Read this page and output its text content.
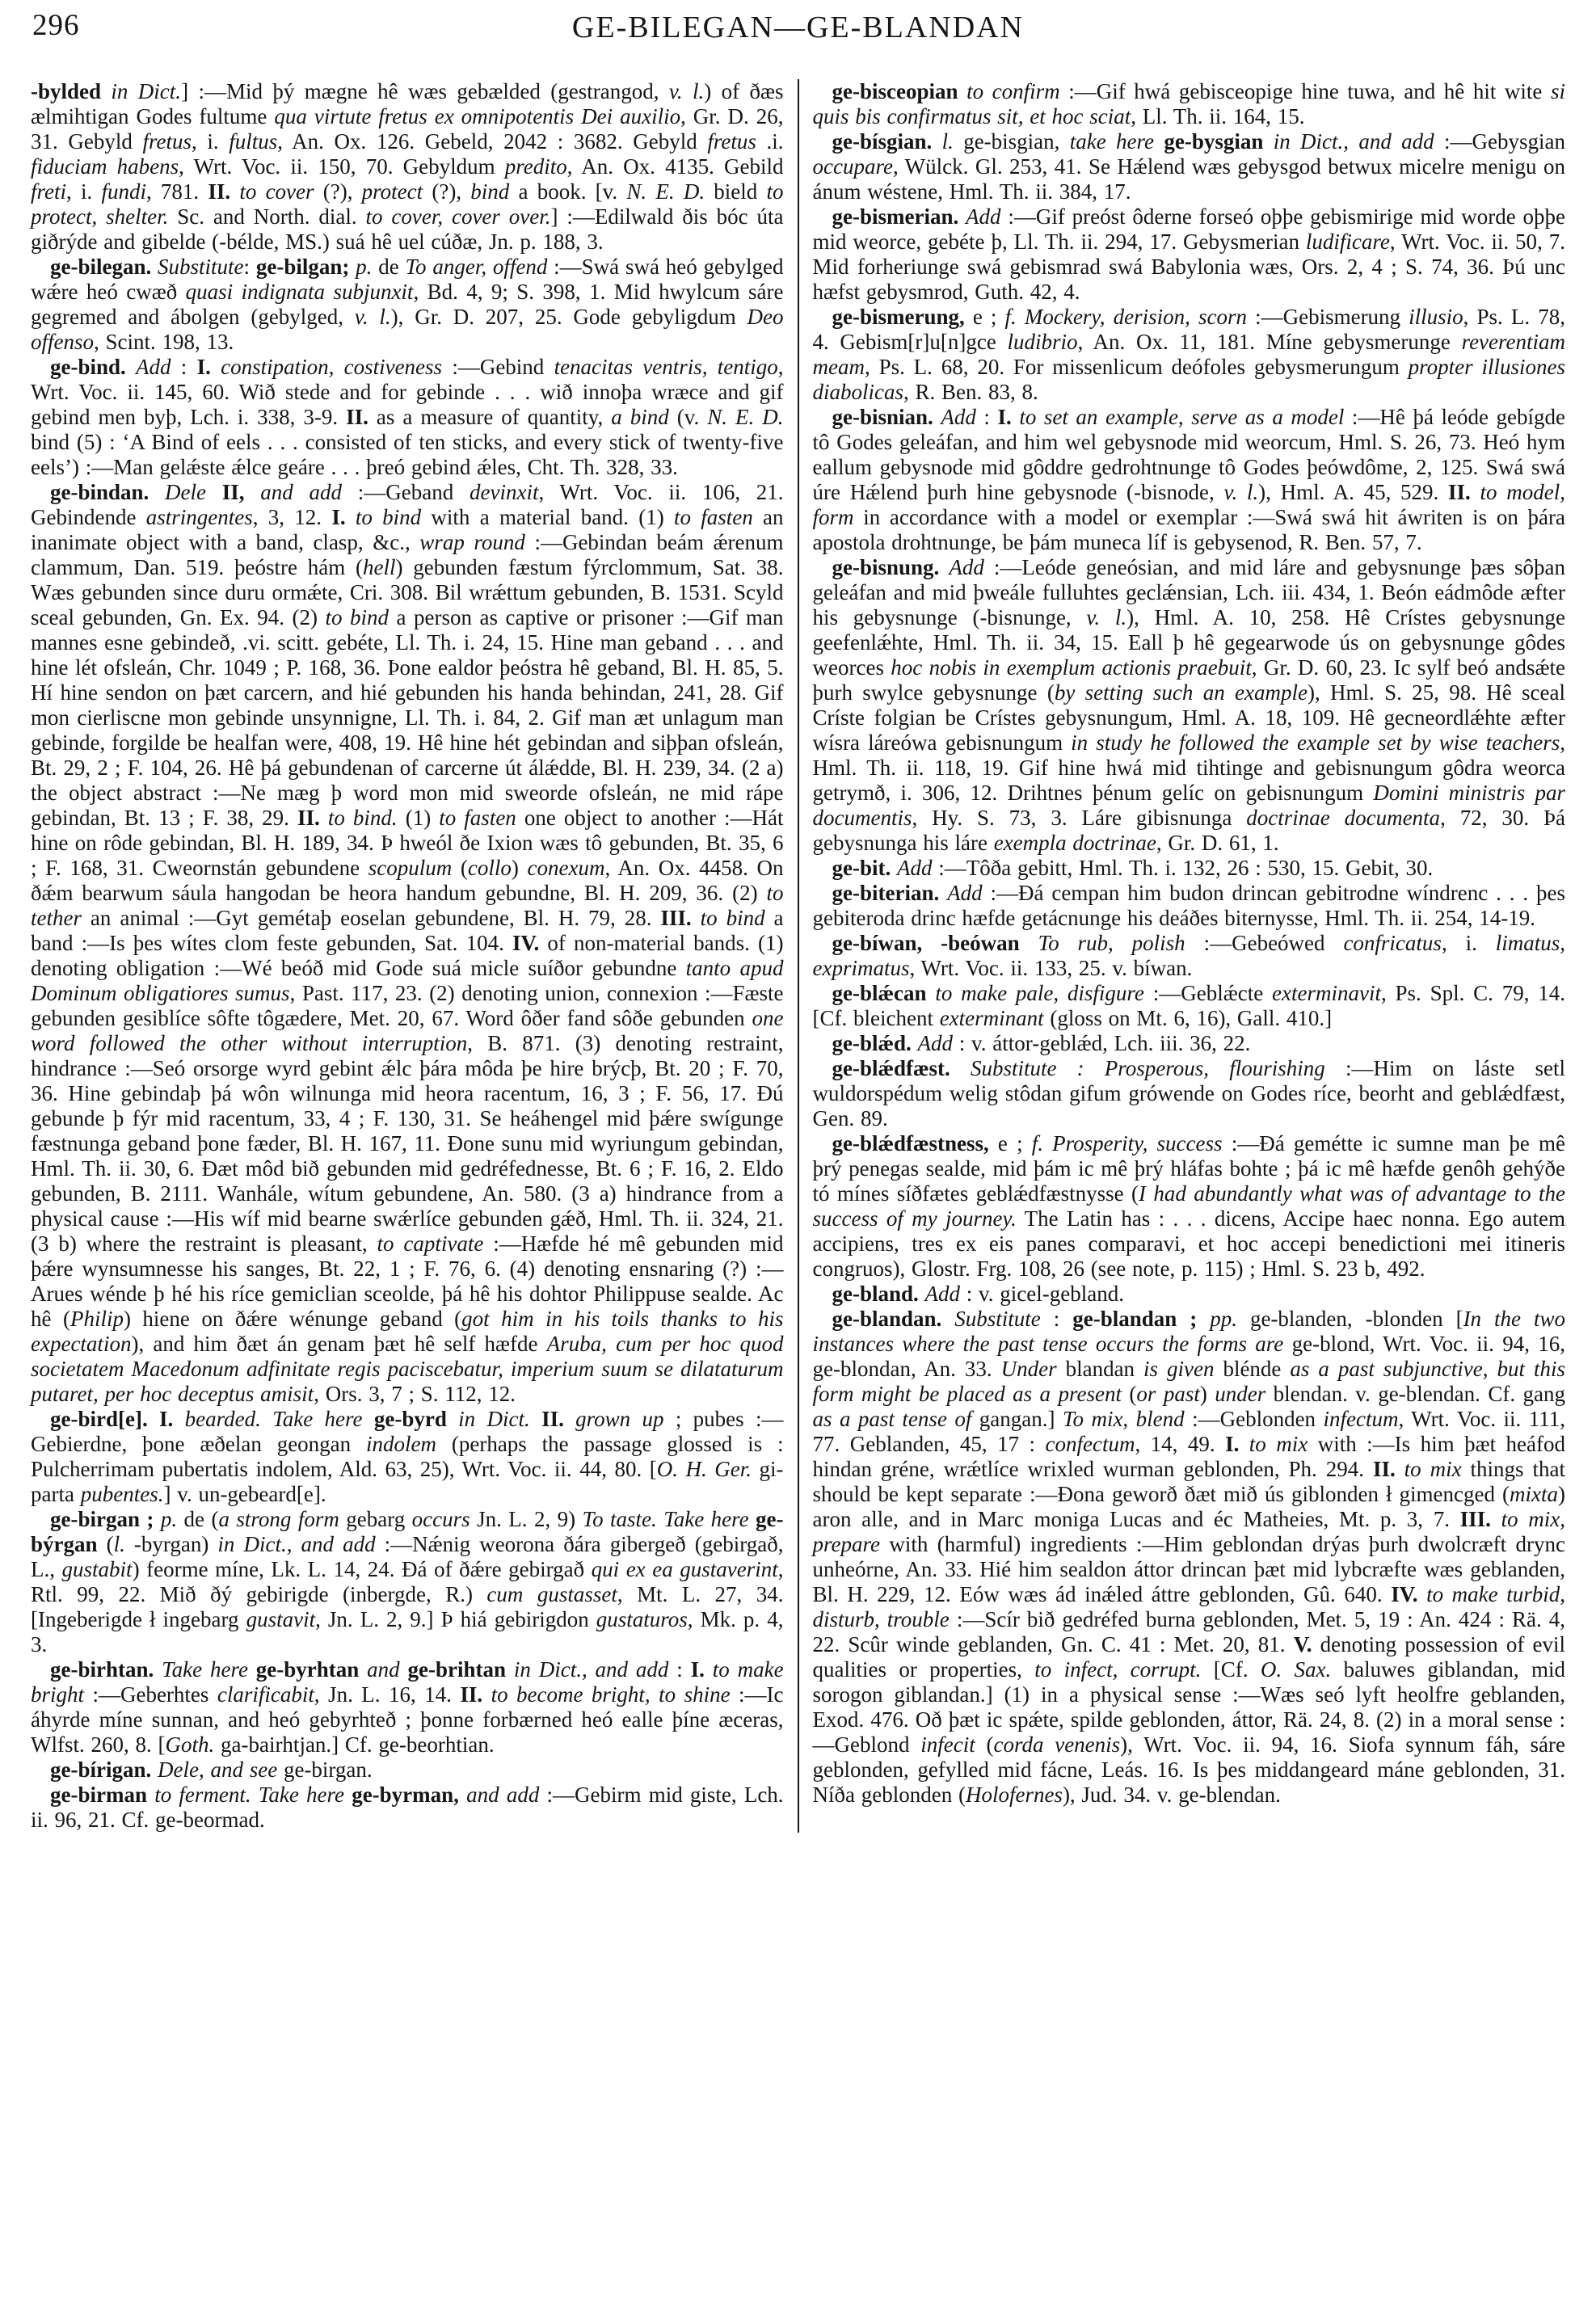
296	GE-BILEGAN—GE-BLANDAN

-bylded in Dict.] :—Mid þý mægne hê wæs gebælded (gestrangod, v. l.) of ðæs ælmihtigan Godes fultume qua virtute fretus ex omnipotentis Dei auxilio, Gr. D. 26, 31. Gebyld fretus, i. fultus, An. Ox. 126. Gebeld, 2042 : 3682. Gebyld fretus .i. fiduciam habens, Wrt. Voc. ii. 150, 70. Gebyldum predito, An. Ox. 4135. Gebild freti, i. fundi, 781. II. to cover (?), protect (?), bind a book. [v. N. E. D. bield to protect, shelter. Sc. and North. dial. to cover, cover over.] :—Edilwald ðis bóc úta giðrýde and gibelde (-bélde, MS.) suá hê uel cúðæ, Jn. p. 188, 3.

ge-bilegan. Substitute: ge-bilgan; p. de To anger, offend :—Swá swá heó gebylged wǽre heó cwæð quasi indignata subjunxit, Bd. 4, 9; S. 398, 1. Mid hwylcum sáre gegremed and ábolgen (gebylged, v. l.), Gr. D. 207, 25. Gode gebyligdum Deo offenso, Scint. 198, 13.

ge-bind. Add : I. constipation, costiveness :—Gebind tenacitas ventris, tentigo, Wrt. Voc. ii. 145, 60. Wið stede and for gebinde . . . wið innoþa wræce and gif gebind men byþ, Lch. i. 338, 3-9. II. as a measure of quantity, a bind (v. N. E. D. bind (5) : ‘A Bind of eels . . . consisted of ten sticks, and every stick of twenty-five eels’) :—Man gelǽste ǽlce geáre . . . þreó gebind ǽles, Cht. Th. 328, 33.

ge-bindan. Dele II, and add :—Geband devinxit, Wrt. Voc. ii. 106, 21. Gebindende astringentes, 3, 12. I. to bind with a material band. (1) to fasten an inanimate object with a band, clasp, &c., wrap round :—Gebindan beám ǽrenum clammum, Dan. 519. þeóstre hám (hell) gebunden fæstum fýrclommum, Sat. 38. Wæs gebunden since duru ormǽte, Cri. 308. Bil wrǽttum gebunden, B. 1531. Scyld sceal gebunden, Gn. Ex. 94. (2) to bind a person as captive or prisoner :—Gif man mannes esne gebindeð, .vi. scitt. gebéte, Ll. Th. i. 24, 15. Hine man geband . . . and hine lét ofsleán, Chr. 1049 ; P. 168, 36. Þone ealdor þeóstra hê geband, Bl. H. 85, 5. Hí hine sendon on þæt carcern, and hié gebunden his handa behindan, 241, 28. Gif mon cierliscne mon gebinde unsynnigne, Ll. Th. i. 84, 2. Gif man æt unlagum man gebinde, forgilde be healfan were, 408, 19. Hê hine hét gebindan and siþþan ofsleán, Bt. 29, 2 ; F. 104, 26. Hê þá gebundenan of carcerne út álǽdde, Bl. H. 239, 34. (2 a) the object abstract :—Ne mæg þ word mon mid sweorde ofsleán, ne mid rápe gebindan, Bt. 13 ; F. 38, 29. II. to bind. (1) to fasten one object to another :—Hát hine on rôde gebindan, Bl. H. 189, 34. Þ hweól ðe Ixion wæs tô gebunden, Bt. 35, 6 ; F. 168, 31. Cweornstán gebundene scopulum (collo) conexum, An. Ox. 4458. On ðǽm bearwum sáula hangodan be heora handum gebundne, Bl. H. 209, 36. (2) to tether an animal :—Gyt gemétaþ eoselan gebundene, Bl. H. 79, 28. III. to bind a band :—Is þes wítes clom feste gebunden, Sat. 104. IV. of non-material bands. (1) denoting obligation :—Wé beóð mid Gode suá micle suíðor gebundne tanto apud Dominum obligatiores sumus, Past. 117, 23. (2) denoting union, connexion :—Fæste gebunden gesiblíce sôfte tôgædere, Met. 20, 67. Word ôðer fand sôðe gebunden one word followed the other without interruption, B. 871. (3) denoting restraint, hindrance :—Seó orsorge wyrd gebint ǽlc þára môda þe hire brýcþ, Bt. 20 ; F. 70, 36. Hine gebindaþ þá wôn wilnunga mid heora racentum, 16, 3 ; F. 56, 17. Ðú gebunde þ fýr mid racentum, 33, 4 ; F. 130, 31. Se heáhengel mid þǽre swígunge fæstnunga geband þone fæder, Bl. H. 167, 11. Ðone sunu mid wyriungum gebindan, Hml. Th. ii. 30, 6. Ðæt môd bið gebunden mid gedréfednesse, Bt. 6 ; F. 16, 2. Eldo gebunden, B. 2111. Wanhále, wítum gebundene, An. 580. (3 a) hindrance from a physical cause :—His wíf mid bearne swǽrlíce gebunden gǽð, Hml. Th. ii. 324, 21. (3 b) where the restraint is pleasant, to captivate :—Hæfde hé mê gebunden mid þǽre wynsumnesse his sanges, Bt. 22, 1 ; F. 76, 6. (4) denoting ensnaring (?) :—Arues wénde þ hé his ríce gemiclian sceolde, þá hê his dohtor Philippuse sealde. Ac hê (Philip) hiene on ðǽre wénunge geband (got him in his toils thanks to his expectation), and him ðæt án genam þæt hê self hæfde Aruba, cum per hoc quod societatem Macedonum adfinitate regis paciscebatur, imperium suum se dilataturum putaret, per hoc deceptus amisit, Ors. 3, 7 ; S. 112, 12.

ge-bird[e]. I. bearded. Take here ge-byrd in Dict. II. grown up ; pubes :—Gebierdne, þone æðelan geongan indolem (perhaps the passage glossed is : Pulcherrimam pubertatis indolem, Ald. 63, 25), Wrt. Voc. ii. 44, 80. [O. H. Ger. gi-parta pubentes.] v. un-gebeard[e].

ge-birgan ; p. de (a strong form gebarg occurs Jn. L. 2, 9) To taste. Take here ge-býrgan (l. -byrgan) in Dict., and add :—Nǽnig weorona ðára gibergeð (gebirgað, L., gustabit) feorme míne, Lk. L. 14, 24. Ðá of ðǽre gebirgað qui ex ea gustaverint, Rtl. 99, 22. Mið ðý gebirigde (inbergde, R.) cum gustasset, Mt. L. 27, 34. [Ingeberigde ł ingebarg gustavit, Jn. L. 2, 9.] Þ hiá gebirigdon gustaturos, Mk. p. 4, 3.

ge-birhtan. Take here ge-byrhtan and ge-brihtan in Dict., and add : I. to make bright :—Geberhtes clarificabit, Jn. L. 16, 14. II. to become bright, to shine :—Ic áhyrde míne sunnan, and heó gebyrhteð ; þonne forbærned heó ealle þíne æceras, Wlfst. 260, 8. [Goth. ga-bairhtjan.] Cf. ge-beorhtian.

ge-bírigan. Dele, and see ge-birgan.

ge-birman to ferment. Take here ge-byrman, and add :—Gebirm mid giste, Lch. ii. 96, 21. Cf. ge-beormad.

ge-bisceopian to confirm :—Gif hwá gebisceopige hine tuwa, and hê hit wite si quis bis confirmatus sit, et hoc sciat, Ll. Th. ii. 164, 15.

ge-bísgian. l. ge-bisgian, take here ge-bysgian in Dict., and add :—Gebysgian occupare, Wülck. Gl. 253, 41. Se Hǽlend wæs gebysgod betwux micelre menigu on ánum wéstene, Hml. Th. ii. 384, 17.

ge-bismerian. Add :—Gif preóst ôderne forseó oþþe gebismirige mid worde oþþe mid weorce, gebéte þ, Ll. Th. ii. 294, 17. Gebysmerian ludificare, Wrt. Voc. ii. 50, 7. Mid forheriunge swá gebismrad swá Babylonia wæs, Ors. 2, 4 ; S. 74, 36. Þú unc hæfst gebysmrod, Guth. 42, 4.

ge-bismerung, e ; f. Mockery, derision, scorn :—Gebismerung illusio, Ps. L. 78, 4. Gebism[r]u[n]gce ludibrio, An. Ox. 11, 181. Míne gebysmerunge reverentiam meam, Ps. L. 68, 20. For missenlicum deófoles gebysmerungum propter illusiones diabolicas, R. Ben. 83, 8.

ge-bisnian. Add : I. to set an example, serve as a model :—Hê þá leóde gebígde tô Godes geleáfan, and him wel gebysnode mid weorcum, Hml. S. 26, 73. Heó hym eallum gebysnode mid gôddre gedrohtnunge tô Godes þeówdôme, 2, 125. Swá swá úre Hǽlend þurh hine gebysnode (-bisnode, v. l.), Hml. A. 45, 529. II. to model, form in accordance with a model or exemplar :—Swá swá hit áwriten is on þára apostola drohtnunge, be þám muneca líf is gebysenod, R. Ben. 57, 7.

ge-bisnung. Add :—Leóde geneósian, and mid láre and gebysnunge þæs sôþan geleáfan and mid þweále fulluhtes geclǽnsian, Lch. iii. 434, 1. Beón eádmôde æfter his gebysnunge (-bisnunge, v. l.), Hml. A. 10, 258. Hê Crístes gebysnunge geefenlǽhte, Hml. Th. ii. 34, 15. Eall þ hê gegearwode ús on gebysnunge gôdes weorces hoc nobis in exemplum actionis praebuit, Gr. D. 60, 23. Ic sylf beó andsǽte þurh swylce gebysnunge (by setting such an example), Hml. S. 25, 98. Hê sceal Críste folgian be Crístes gebysnungum, Hml. A. 18, 109. Hê gecneordlǽhte æfter wísra láreówa gebisnungum in study he followed the example set by wise teachers, Hml. Th. ii. 118, 19. Gif hine hwá mid tihtinge and gebisnungum gôdra weorca getrymð, i. 306, 12. Drihtnes þénum gelíc on gebisnungum Domini ministris par documentis, Hy. S. 73, 3. Láre gibisnunga doctrinae documenta, 72, 30. Þá gebysnunga his láre exempla doctrinae, Gr. D. 61, 1.

ge-bit. Add :—Tôða gebitt, Hml. Th. i. 132, 26 : 530, 15. Gebit, 30.

ge-biterian. Add :—Ðá cempan him budon drincan gebitrodne wíndrenc . . . þes gebiteroda drinc hæfde getácnunge his deáðes biternysse, Hml. Th. ii. 254, 14-19.

ge-bíwan, -beówan To rub, polish :—Gebeówed confricatus, i. limatus, exprimatus, Wrt. Voc. ii. 133, 25. v. bíwan.

ge-blǽcan to make pale, disfigure :—Geblǽcte exterminavit, Ps. Spl. C. 79, 14. [Cf. bleichent exterminant (gloss on Mt. 6, 16), Gall. 410.]

ge-blǽd. Add : v. áttor-geblǽd, Lch. iii. 36, 22.

ge-blǽdfæst. Substitute : Prosperous, flourishing :—Him on láste setl wuldorspédum welig stôdan gifum grówende on Godes ríce, beorht and geblǽdfæst, Gen. 89.

ge-blǽdfæstness, e ; f. Prosperity, success :—Ðá gemétte ic sumne man þe mê þrý penegas sealde, mid þám ic mê þrý hláfas bohte ; þá ic mê hæfde genôh gehýðe tó mínes síðfætes geblǽdfæstnysse (I had abundantly what was of advantage to the success of my journey. The Latin has : . . . dicens, Accipe haec nonna. Ego autem accipiens, tres ex eis panes comparavi, et hoc accepi benedictioni mei itineris congruos), Glostr. Frg. 108, 26 (see note, p. 115) ; Hml. S. 23 b, 492.

ge-bland. Add : v. gicel-gebland.

ge-blandan. Substitute : ge-blandan ; pp. ge-blanden, -blonden [In the two instances where the past tense occurs the forms are ge-blond, Wrt. Voc. ii. 94, 16, ge-blondan, An. 33. Under blandan is given blénde as a past subjunctive, but this form might be placed as a present (or past) under blendan. v. ge-blendan. Cf. gang as a past tense of gangan.] To mix, blend :—Geblonden infectum, Wrt. Voc. ii. 111, 77. Geblanden, 45, 17 : confectum, 14, 49. I. to mix with :—Is him þæt heáfod hindan gréne, wrǽtlíce wrixled wurman geblonden, Ph. 294. II. to mix things that should be kept separate :—Ðona geworð ðæt mið ús giblonden ł gimencged (mixta) aron alle, and in Marc moniga Lucas and éc Matheies, Mt. p. 3, 7. III. to mix, prepare with (harmful) ingredients :—Him geblondan drýas þurh dwolcræft drync unheórne, An. 33. Hié him sealdon áttor drincan þæt mid lybcræfte wæs geblanden, Bl. H. 229, 12. Eów wæs ád inǽled áttre geblonden, Gû. 640. IV. to make turbid, disturb, trouble :—Scír bið gedréfed burna geblonden, Met. 5, 19 : An. 424 : Rä. 4, 22. Scûr winde geblanden, Gn. C. 41 : Met. 20, 81. V. denoting possession of evil qualities or properties, to infect, corrupt. [Cf. O. Sax. baluwes giblandan, mid sorogon giblandan.] (1) in a physical sense :—Wæs seó lyft heolfre geblanden, Exod. 476. Oð þæt ic spǽte, spilde geblonden, áttor, Rä. 24, 8. (2) in a moral sense :—Geblond infecit (corda venenis), Wrt. Voc. ii. 94, 16. Siofa synnum fáh, sáre geblonden, gefylled mid fácne, Leás. 16. Is þes middangeard máne geblonden, 31. Níða geblonden (Holofernes), Jud. 34. v. ge-blendan.
